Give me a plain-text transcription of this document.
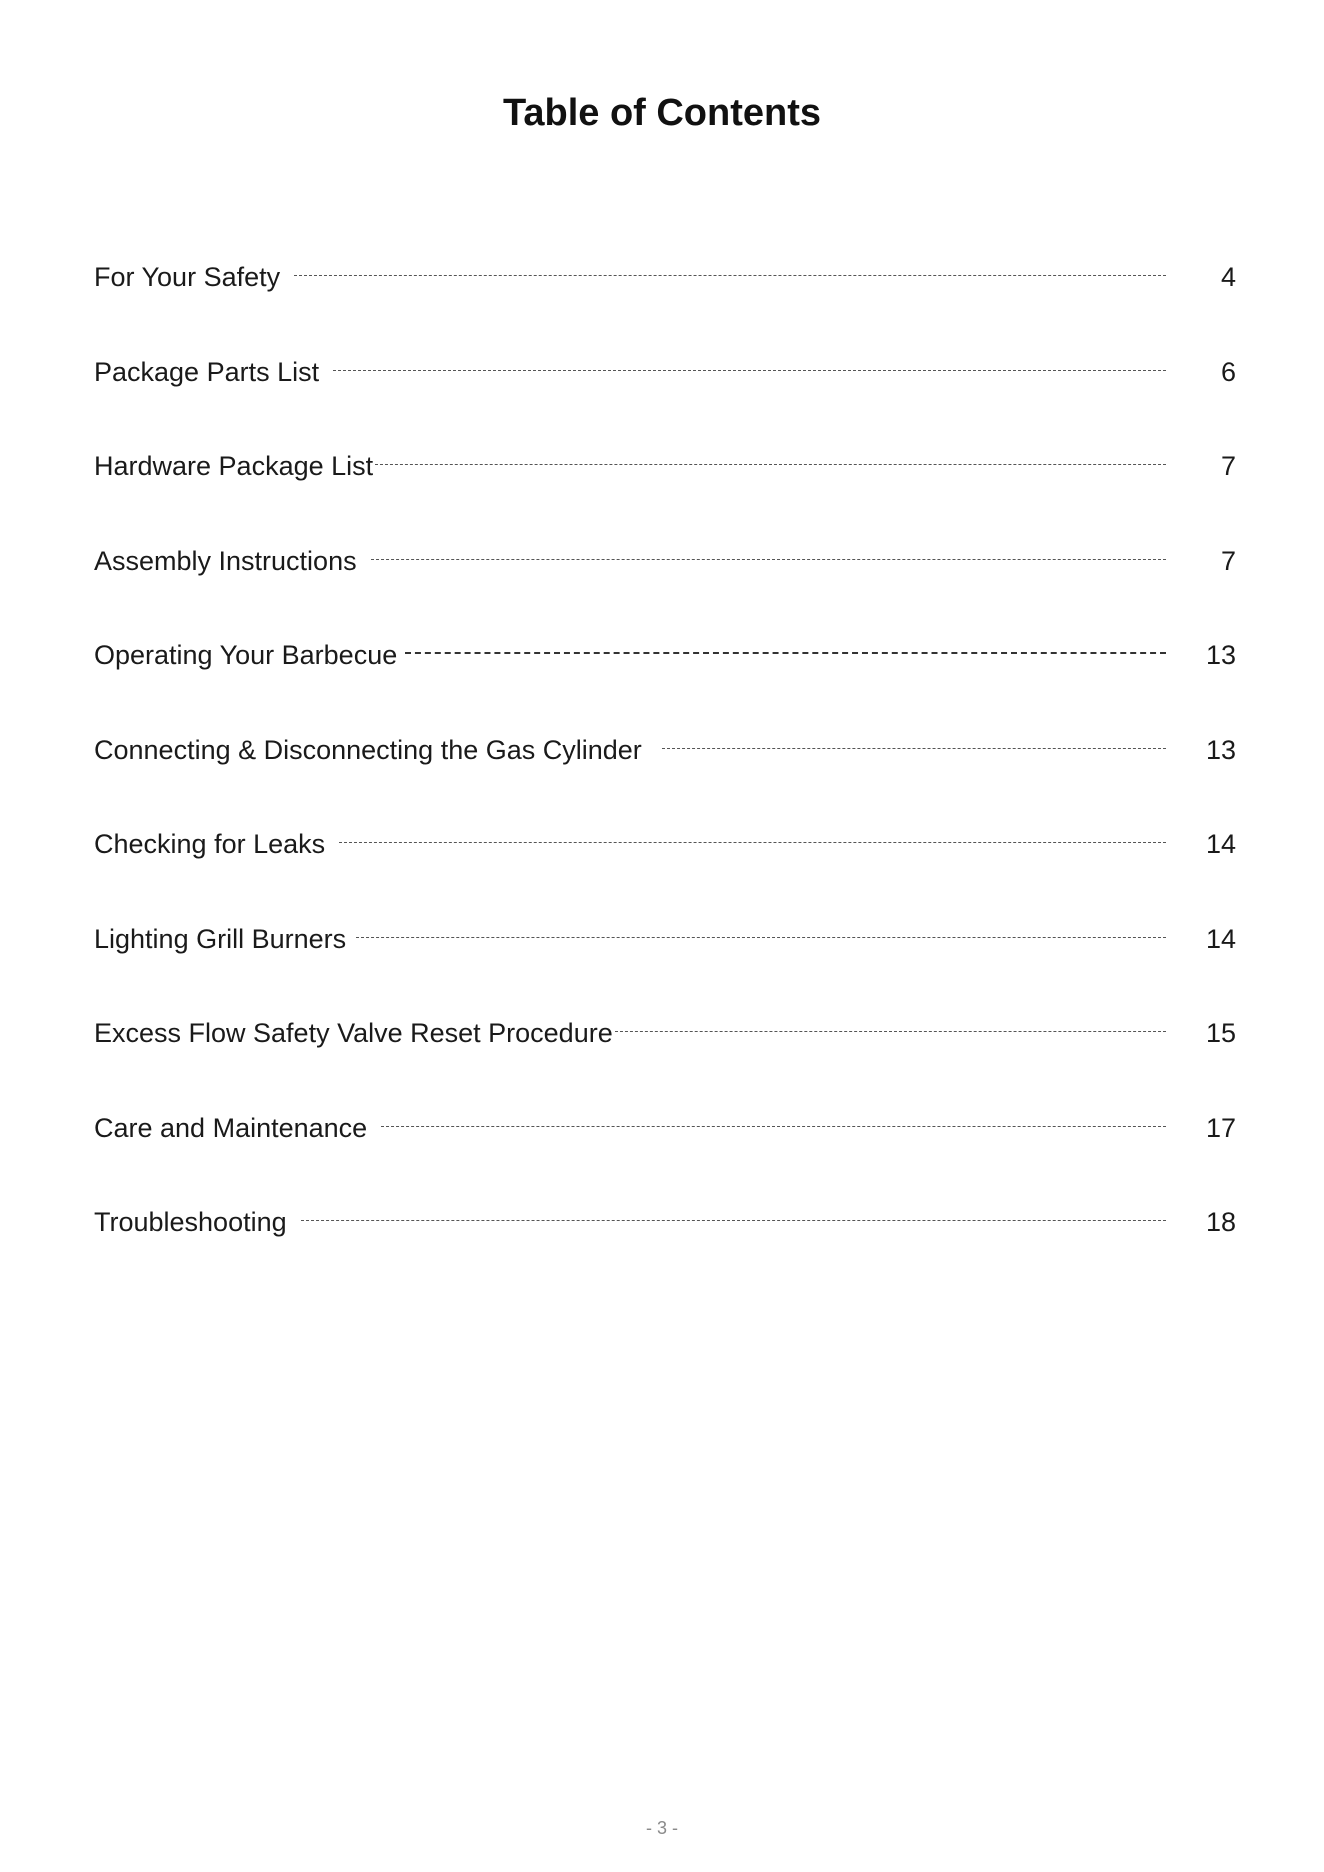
Table of Contents
For Your Safety	4
Package Parts List	6
Hardware Package List	7
Assembly Instructions	7
Operating Your Barbecue	13
Connecting & Disconnecting the Gas Cylinder	13
Checking for Leaks	14
Lighting Grill Burners	14
Excess Flow Safety Valve Reset Procedure	15
Care and Maintenance	17
Troubleshooting	18
- 3 -
